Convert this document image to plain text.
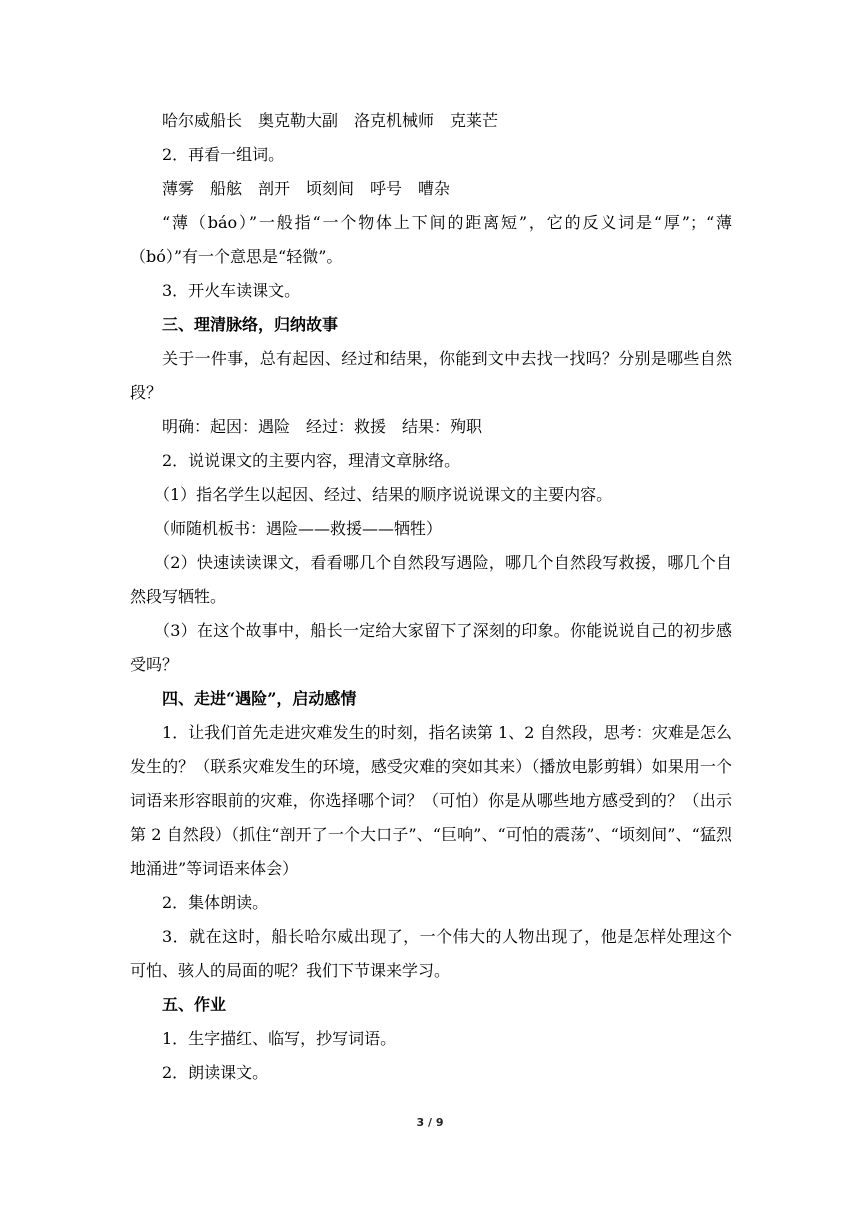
哈尔威船长　奥克勒大副　洛克机械师　克莱芒

2．再看一组词。

薄雾　船舷　剖开　顷刻间　呼号　嘈杂

“薄（báo）”一般指“一个物体上下间的距离短”，它的反义词是“厚”；“薄（bó）”有一个意思是“轻微”。

3．开火车读课文。

三、理清脉络，归纳故事

关于一件事，总有起因、经过和结果，你能到文中去找一找吗？分别是哪些自然段？

明确：起因：遇险　经过：救援　结果：殉职

2．说说课文的主要内容，理清文章脉络。

（1）指名学生以起因、经过、结果的顺序说说课文的主要内容。

（师随机板书：遇险——救援——牺牲）

（2）快速读读课文，看看哪几个自然段写遇险，哪几个自然段写救援，哪几个自然段写牺牲。

（3）在这个故事中，船长一定给大家留下了深刻的印象。你能说说自己的初步感受吗？

四、走进“遇险”，启动感情

1．让我们首先走进灾难发生的时刻，指名读第 1、2 自然段，思考：灾难是怎么发生的？（联系灾难发生的环境，感受灾难的突如其来）（播放电影剪辑）如果用一个词语来形容眼前的灾难，你选择哪个词？（可怕）你是从哪些地方感受到的？（出示第 2 自然段）（抓住“剖开了一个大口子”、“巨响”、“可怕的震荡”、“顷刻间”、“猛烈地涌进”等词语来体会）

2．集体朗读。

3．就在这时，船长哈尔威出现了，一个伟大的人物出现了，他是怎样处理这个可怕、骇人的局面的呢？我们下节课来学习。

五、作业

1．生字描红、临写，抄写词语。

2．朗读课文。

3 / 9
